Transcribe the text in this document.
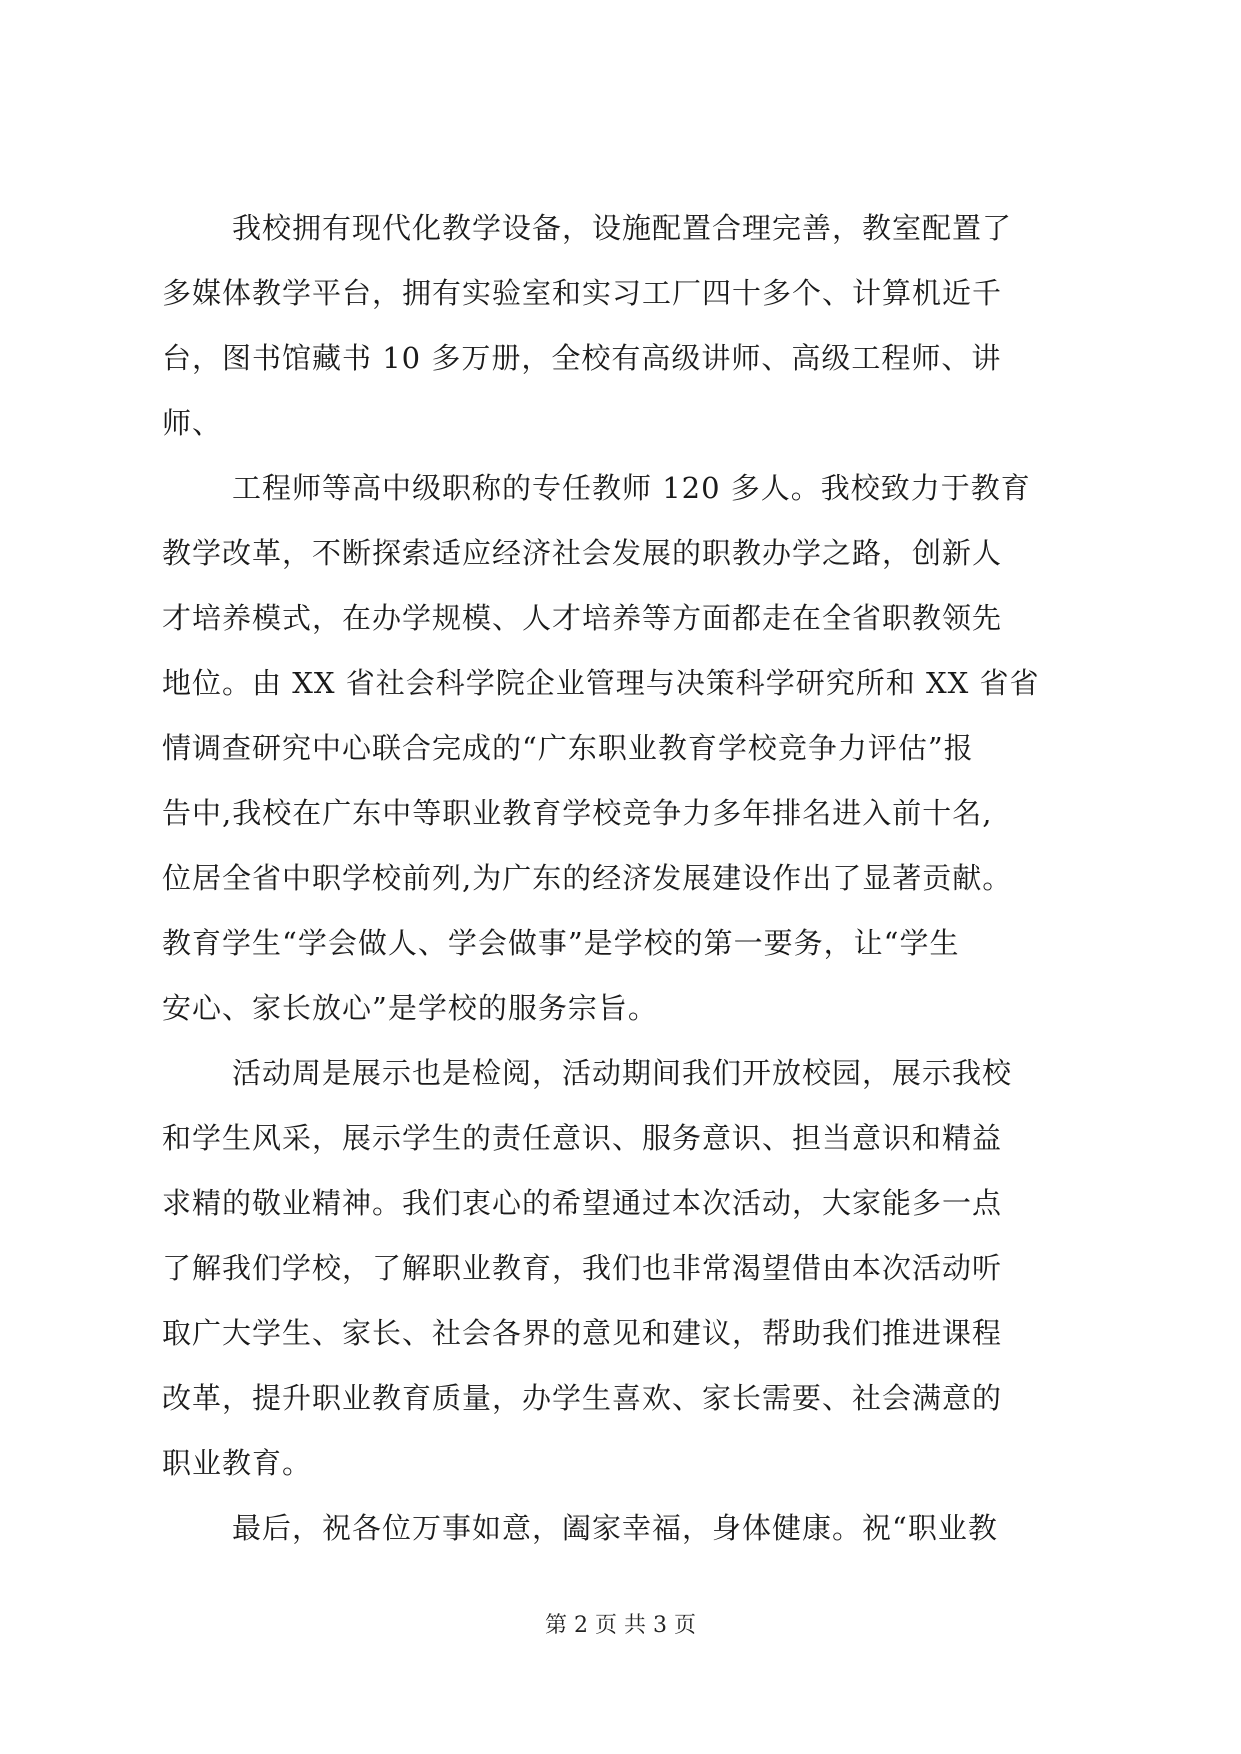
我校拥有现代化教学设备，设施配置合理完善，教室配置了
多媒体教学平台，拥有实验室和实习工厂四十多个、计算机近千
台，图书馆藏书 10 多万册，全校有高级讲师、高级工程师、讲
师、

工程师等高中级职称的专任教师 120 多人。我校致力于教育
教学改革，不断探索适应经济社会发展的职教办学之路，创新人
才培养模式，在办学规模、人才培养等方面都走在全省职教领先
地位。由 XX 省社会科学院企业管理与决策科学研究所和 XX 省省
情调查研究中心联合完成的“广东职业教育学校竞争力评估”报
告中,我校在广东中等职业教育学校竞争力多年排名进入前十名,
位居全省中职学校前列,为广东的经济发展建设作出了显著贡献。
教育学生“学会做人、学会做事”是学校的第一要务，让“学生
安心、家长放心”是学校的服务宗旨。

活动周是展示也是检阅，活动期间我们开放校园，展示我校
和学生风采，展示学生的责任意识、服务意识、担当意识和精益
求精的敬业精神。我们衷心的希望通过本次活动，大家能多一点
了解我们学校，了解职业教育，我们也非常渴望借由本次活动听
取广大学生、家长、社会各界的意见和建议，帮助我们推进课程
改革，提升职业教育质量，办学生喜欢、家长需要、社会满意的
职业教育。

最后，祝各位万事如意，阖家幸福，身体健康。祝“职业教

第 2 页 共 3 页
